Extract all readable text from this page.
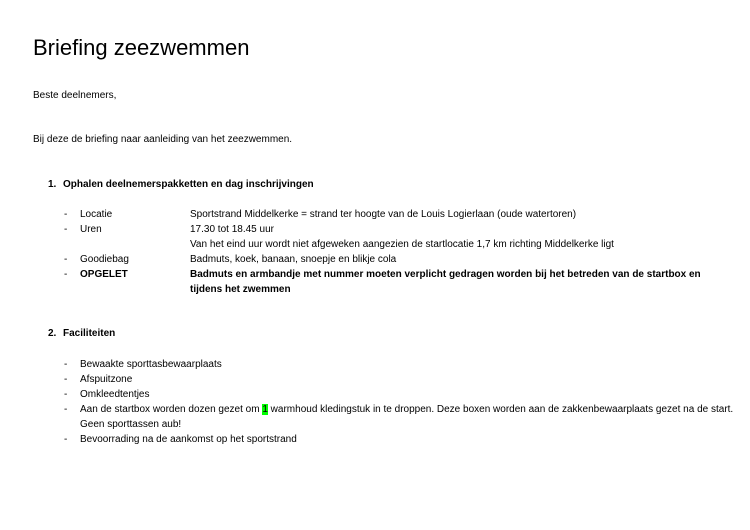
Briefing zeezwemmen
Beste deelnemers,
Bij deze de briefing naar aanleiding van het zeezwemmen.
1. Ophalen deelnemerspakketten en dag inschrijvingen
- Locatie	Sportstrand Middelkerke = strand ter hoogte van de Louis Logierlaan (oude watertoren)
- Uren	17.30 tot 18.45 uur
Van het eind uur wordt niet afgeweken aangezien de startlocatie 1,7 km richting Middelkerke ligt
- Goodiebag	Badmuts, koek, banaan, snoepje en blikje cola
- OPGELET	Badmuts en armbandje met nummer moeten verplicht gedragen worden bij het betreden van de startbox en
tijdens het zwemmen
2. Faciliteiten
- Bewaakte sporttasbewaarplaats
- Afspuitzone
- Omkleedtentjes
- Aan de startbox worden dozen gezet om 1 warmhoud kledingstuk in te droppen. Deze boxen worden aan de zakkenbewaarplaats gezet na de start.
Geen sporttassen aub!
- Bevoorrading na de aankomst op het sportstrand
